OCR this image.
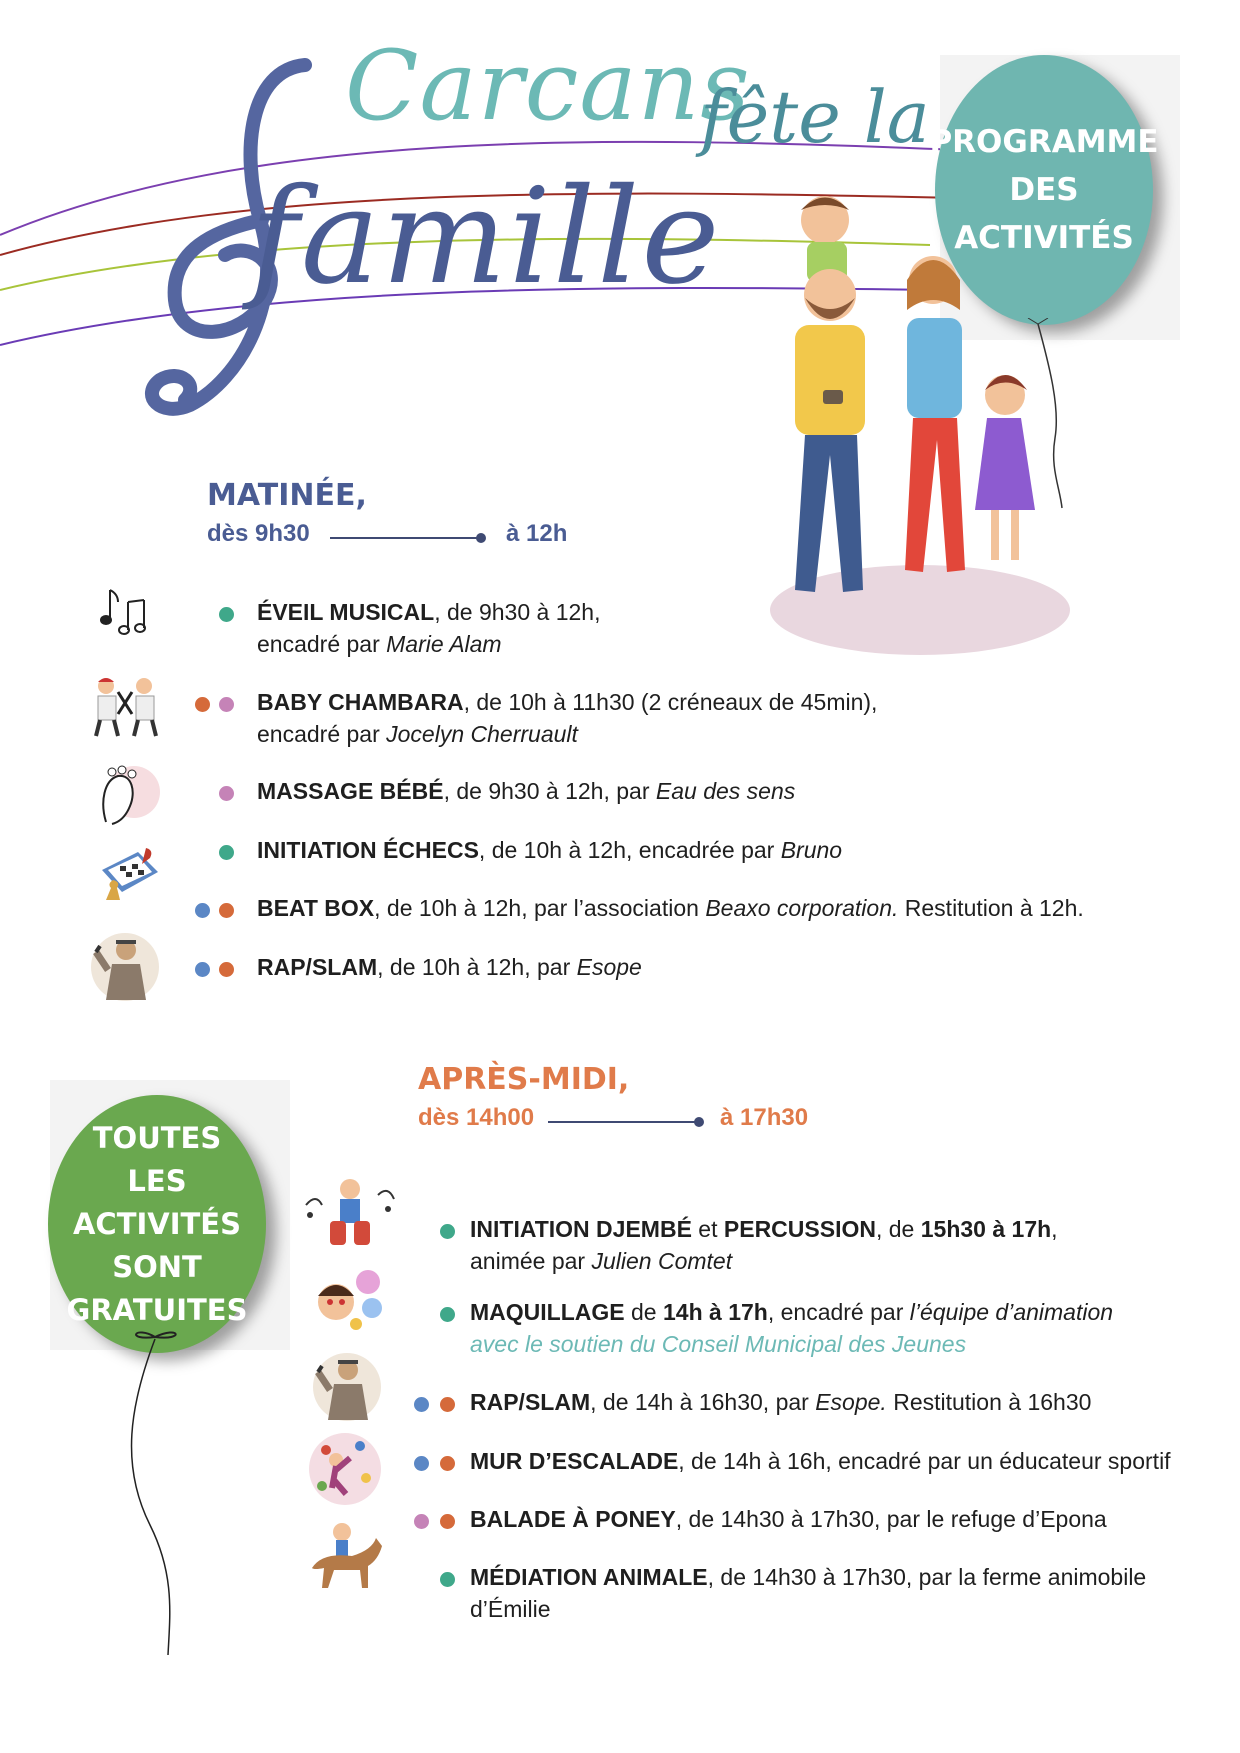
Carcans
fête la
famille
PROGRAMME
DES
ACTIVITÉS
MATINÉE,
dès 9h30	à 12h
ÉVEIL MUSICAL, de 9h30 à 12h,
encadré par Marie Alam
BABY CHAMBARA, de 10h à 11h30 (2 créneaux de 45min),
encadré par Jocelyn Cherruault
MASSAGE BÉBÉ, de 9h30 à 12h, par Eau des sens
INITIATION ÉCHECS, de 10h à 12h, encadrée par Bruno
BEAT BOX, de 10h à 12h, par l’association Beaxo corporation. Restitution à 12h.
RAP/SLAM, de 10h à 12h, par Esope
TOUTES
LES ACTIVITÉS
SONT
GRATUITES
APRÈS-MIDI,
dès 14h00	à 17h30
INITIATION DJEMBÉ et PERCUSSION, de 15h30 à 17h,
animée par Julien Comtet
MAQUILLAGE de 14h à 17h, encadré par l’équipe d’animation
avec le soutien du Conseil Municipal des Jeunes
RAP/SLAM, de 14h à 16h30, par Esope. Restitution à 16h30
MUR D’ESCALADE, de 14h à 16h, encadré par un éducateur sportif
BALADE À PONEY, de 14h30 à 17h30, par le refuge d’Epona
MÉDIATION ANIMALE, de 14h30 à 17h30, par la ferme animobile
d’Émilie
